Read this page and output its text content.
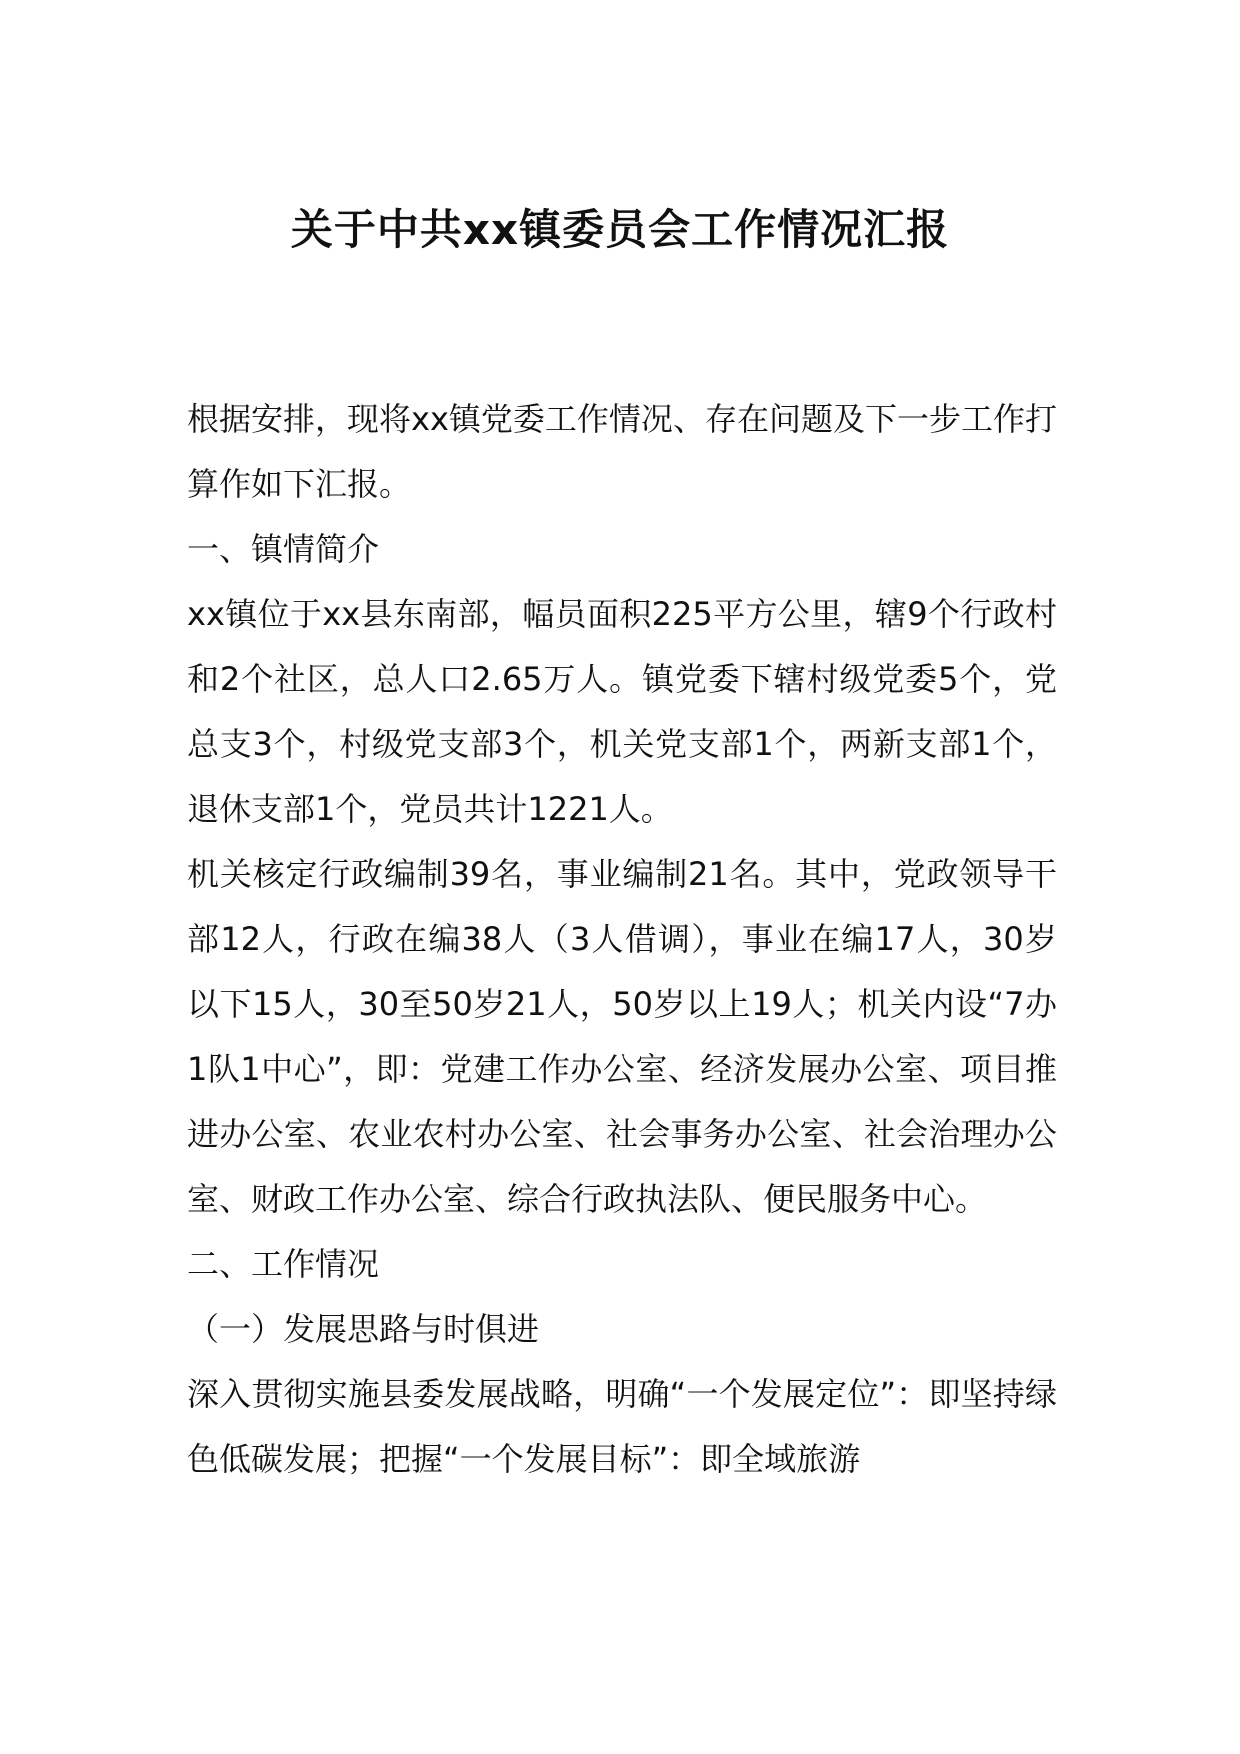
关于中共xx镇委员会工作情况汇报

根据安排，现将xx镇党委工作情况、存在问题及下一步工作打算作如下汇报。

一、镇情简介

xx镇位于xx县东南部，幅员面积225平方公里，辖9个行政村和2个社区，总人口2.65万人。镇党委下辖村级党委5个，党总支3个，村级党支部3个，机关党支部1个，两新支部1个，退休支部1个，党员共计1221人。

机关核定行政编制39名，事业编制21名。其中，党政领导干部12人，行政在编38人（3人借调），事业在编17人，30岁以下15人，30至50岁21人，50岁以上19人；机关内设“7办1队1中心”，即：党建工作办公室、经济发展办公室、项目推进办公室、农业农村办公室、社会事务办公室、社会治理办公室、财政工作办公室、综合行政执法队、便民服务中心。

二、工作情况

（一）发展思路与时俱进

深入贯彻实施县委发展战略，明确“一个发展定位”：即坚持绿色低碳发展；把握“一个发展目标”：即全域旅游
